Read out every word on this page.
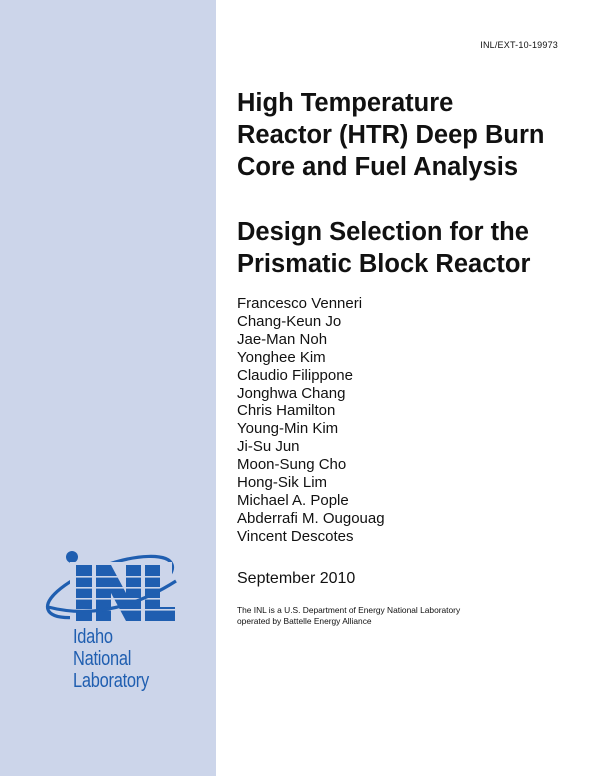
INL/EXT-10-19973
High Temperature
Reactor (HTR) Deep Burn
Core and Fuel Analysis
Design Selection for the
Prismatic Block Reactor
Francesco Venneri
Chang-Keun Jo
Jae-Man Noh
Yonghee Kim
Claudio Filippone
Jonghwa Chang
Chris Hamilton
Young-Min Kim
Ji-Su Jun
Moon-Sung Cho
Hong-Sik Lim
Michael A. Pople
Abderrafi M. Ougouag
Vincent Descotes
September 2010
The INL is a U.S. Department of Energy National Laboratory
operated by Battelle Energy Alliance
Idaho National
Laboratory
